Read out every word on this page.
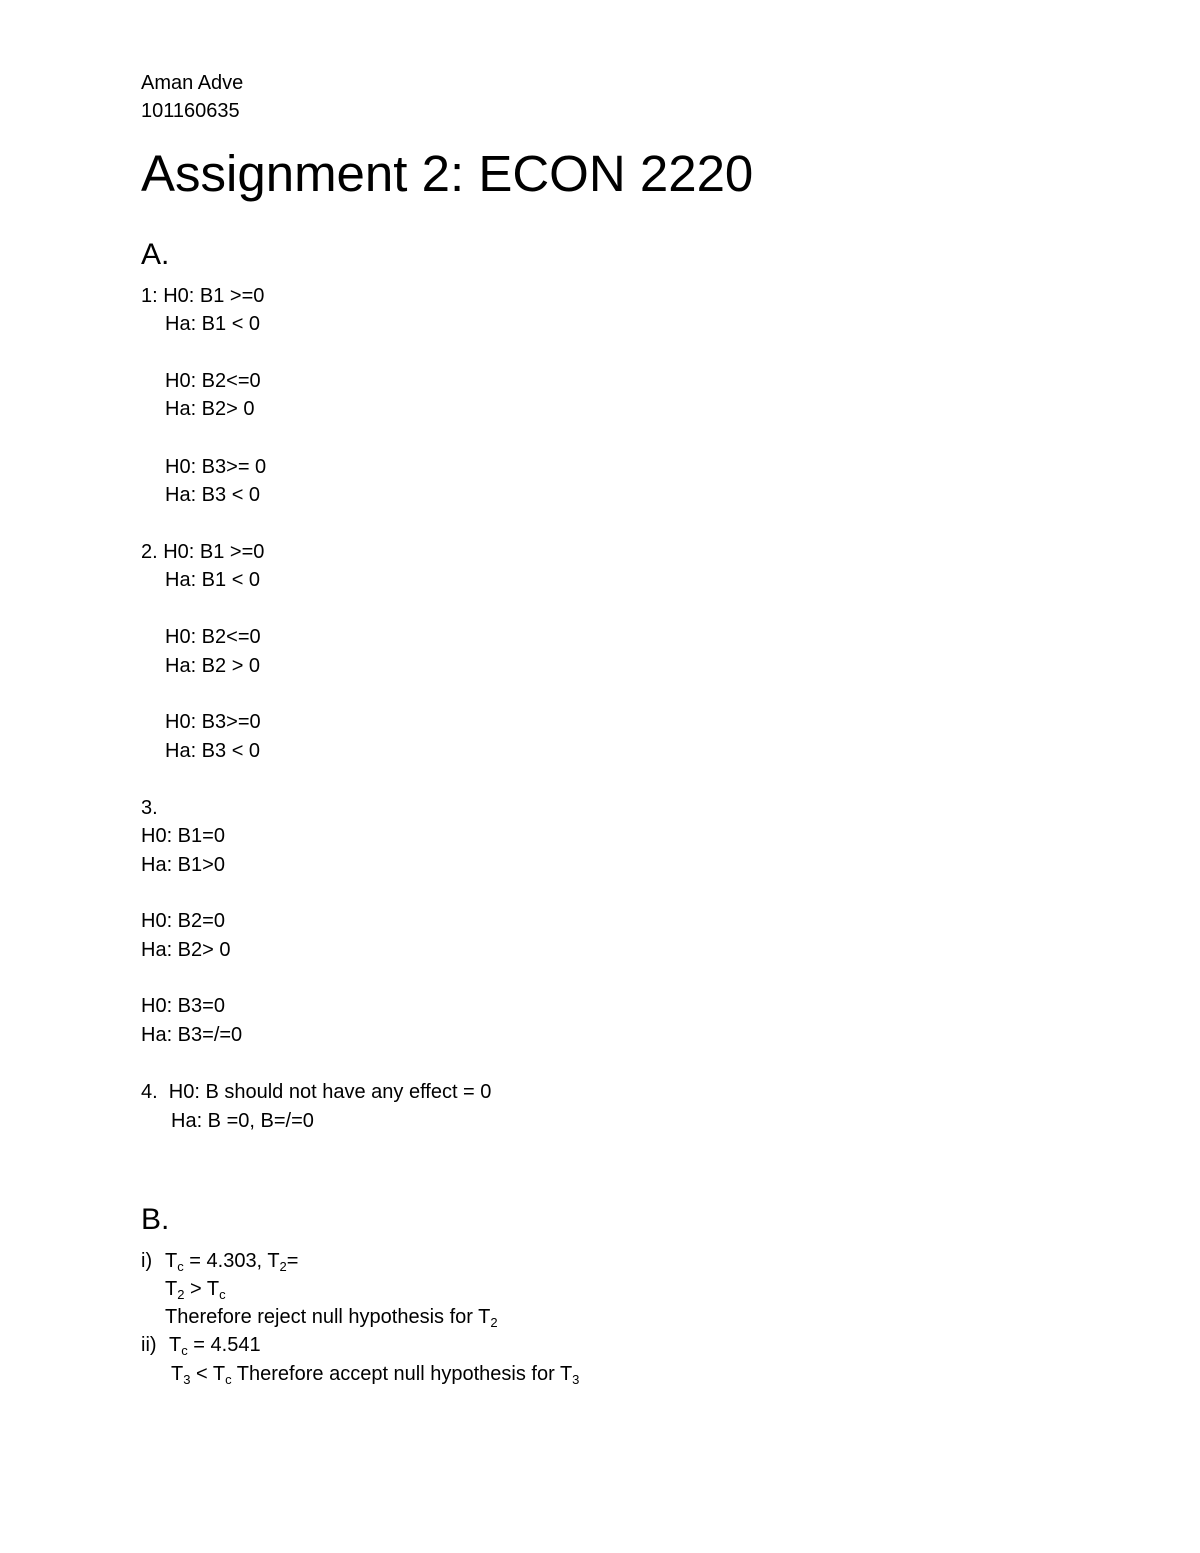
Aman Adve
101160635
Assignment 2: ECON 2220
A.
1: H0: B1 >=0
Ha: B1 < 0
H0: B2<=0
Ha: B2> 0
H0: B3>= 0
Ha: B3 < 0
2. H0: B1 >=0
Ha: B1 < 0
H0: B2<=0
Ha: B2 > 0
H0: B3>=0
Ha: B3 < 0
3.
H0: B1=0
Ha: B1>0
H0: B2=0
Ha: B2> 0
H0: B3=0
Ha: B3=/=0
4.  H0: B should not have any effect = 0
Ha: B =0, B=/=0
B.
i) $T_c = 4.303$, $T_2=$
$T_2 > T_c$
Therefore reject null hypothesis for $T_2$
ii) $T_c = 4.541$
$T_3 < T_c$ Therefore accept null hypothesis for $T_3$
